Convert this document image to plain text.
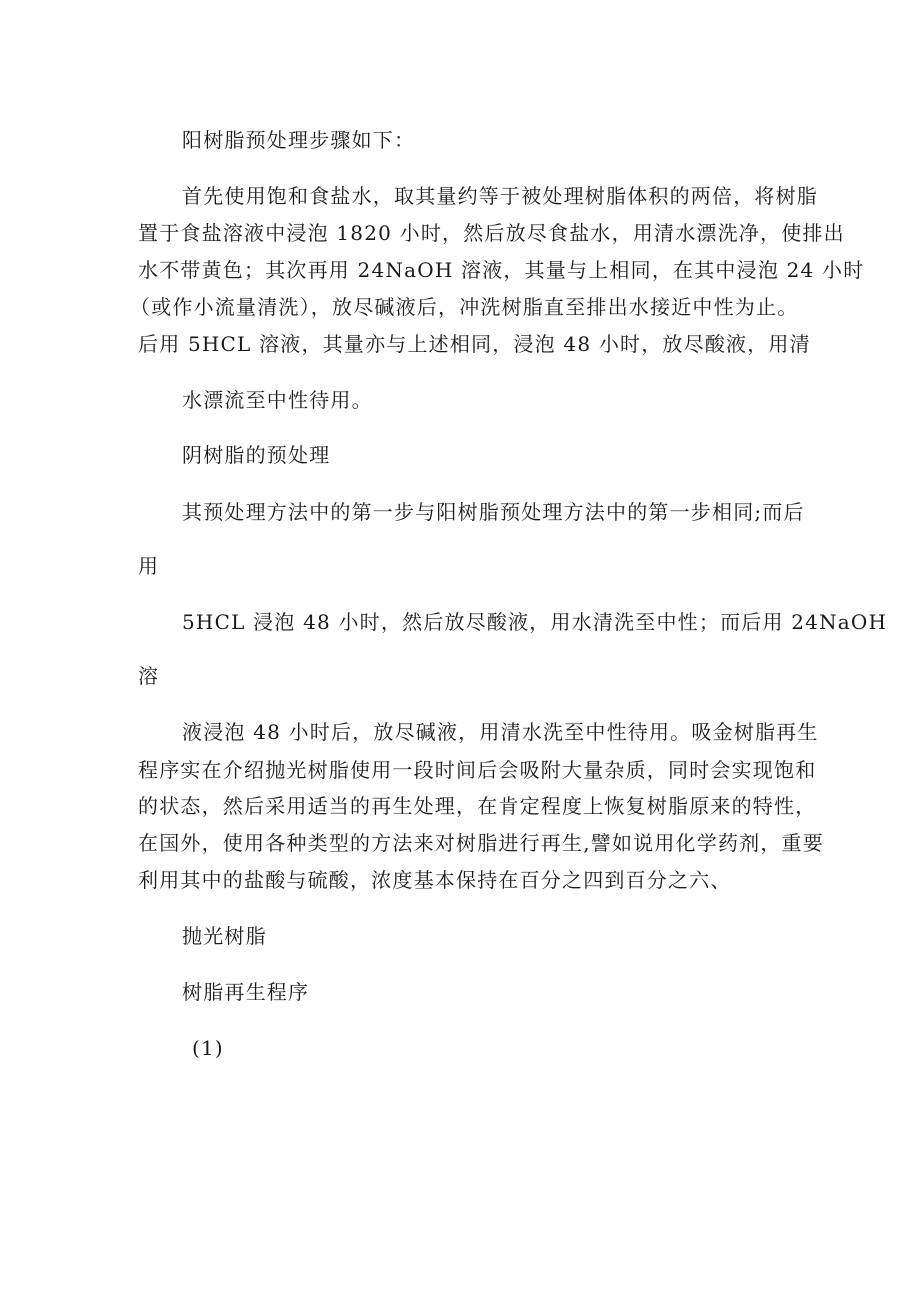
阳树脂预处理步骤如下：
首先使用饱和食盐水，取其量约等于被处理树脂体积的两倍，将树脂
置于食盐溶液中浸泡 1820 小时，然后放尽食盐水，用清水漂洗净，使排出
水不带黄色；其次再用 24NaOH 溶液，其量与上相同，在其中浸泡 24 小时
（或作小流量清洗），放尽碱液后，冲洗树脂直至排出水接近中性为止。
后用 5HCL 溶液，其量亦与上述相同，浸泡 48 小时，放尽酸液，用清
水漂流至中性待用。
阴树脂的预处理
其预处理方法中的第一步与阳树脂预处理方法中的第一步相同;而后
用
5HCL 浸泡 48 小时，然后放尽酸液，用水清洗至中性；而后用 24NaOH
溶
液浸泡 48 小时后，放尽碱液，用清水洗至中性待用。吸金树脂再生
程序实在介绍抛光树脂使用一段时间后会吸附大量杂质，同时会实现饱和
的状态，然后采用适当的再生处理，在肯定程度上恢复树脂原来的特性，
在国外，使用各种类型的方法来对树脂进行再生,譬如说用化学药剂，重要
利用其中的盐酸与硫酸，浓度基本保持在百分之四到百分之六、
抛光树脂
树脂再生程序
(1)
